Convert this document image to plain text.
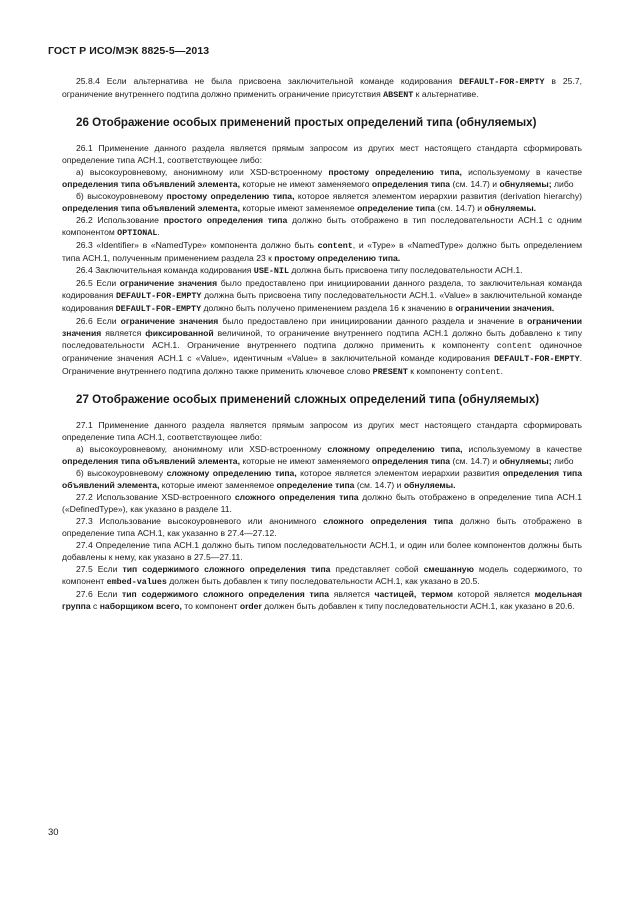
ГОСТ Р ИСО/МЭК 8825-5—2013

25.8.4 Если альтернатива не была присвоена заключительной команде кодирования DEFAULT-FOR-EMPTY в 25.7, ограничение внутреннего подтипа должно применить ограничение присутствия ABSENT к альтернативе.

26 Отображение особых применений простых определений типа (обнуляемых)

26.1 Применение данного раздела является прямым запросом из других мест настоящего стандарта сформировать определение типа АСН.1, соответствующее либо:

а) высокоуровневому, анонимному или XSD-встроенному простому определению типа, используемому в качестве определения типа объявлений элемента, которые не имеют заменяемого определения типа (см. 14.7) и обнуляемы; либо

б) высокоуровневому простому определению типа, которое является элементом иерархии развития (derivation hierarchy) определения типа объявлений элемента, которые имеют заменяемое определение типа (см. 14.7) и обнуляемы.

26.2 Использование простого определения типа должно быть отображено в тип последовательности АСН.1 с одним компонентом OPTIONAL.

26.3 «Identifier» в «NamedType» компонента должно быть content, и «Type» в «NamedType» должно быть определением типа АСН.1, полученным применением раздела 23 к простому определению типа.

26.4 Заключительная команда кодирования USE-NIL должна быть присвоена типу последовательности АСН.1.

26.5 Если ограничение значения было предоставлено при инициировании данного раздела, то заключительная команда кодирования DEFAULT-FOR-EMPTY должна быть присвоена типу последовательности АСН.1. «Value» в заключительной команде кодирования DEFAULT-FOR-EMPTY должно быть получено применением раздела 16 к значению в ограничении значения.

26.6 Если ограничение значения было предоставлено при инициировании данного раздела и значение в ограничении значения является фиксированной величиной, то ограничение внутреннего подтипа АСН.1 должно быть добавлено к типу последовательности АСН.1. Ограничение внутреннего подтипа должно применить к компоненту content одиночное ограничение значения АСН.1 с «Value», идентичным «Value» в заключительной команде кодирования DEFAULT-FOR-EMPTY. Ограничение внутреннего подтипа должно также применить ключевое слово PRESENT к компоненту content.

27 Отображение особых применений сложных определений типа (обнуляемых)

27.1 Применение данного раздела является прямым запросом из других мест настоящего стандарта сформировать определение типа АСН.1, соответствующее либо:

а) высокоуровневому, анонимному или XSD-встроенному сложному определению типа, используемому в качестве определения типа объявлений элемента, которые не имеют заменяемого определения типа (см. 14.7) и обнуляемы; либо

б) высокоуровневому сложному определению типа, которое является элементом иерархии развития определения типа объявлений элемента, которые имеют заменяемое определение типа (см. 14.7) и обнуляемы.

27.2 Использование XSD-встроенного сложного определения типа должно быть отображено в определение типа АСН.1 («DefinedType»), как указано в разделе 11.

27.3 Использование высокоуровневого или анонимного сложного определения типа должно быть отображено в определение типа АСН.1, как указанно в 27.4—27.12.

27.4 Определение типа АСН.1 должно быть типом последовательности АСН.1, и один или более компонентов должны быть добавлены к нему, как указано в 27.5—27.11.

27.5 Если тип содержимого сложного определения типа представляет собой смешанную модель содержимого, то компонент embed-values должен быть добавлен к типу последовательности АСН.1, как указано в 20.5.

27.6 Если тип содержимого сложного определения типа является частицей, термом которой является модельная группа с наборщиком всего, то компонент order должен быть добавлен к типу последовательности АСН.1, как указано в 20.6.

30
